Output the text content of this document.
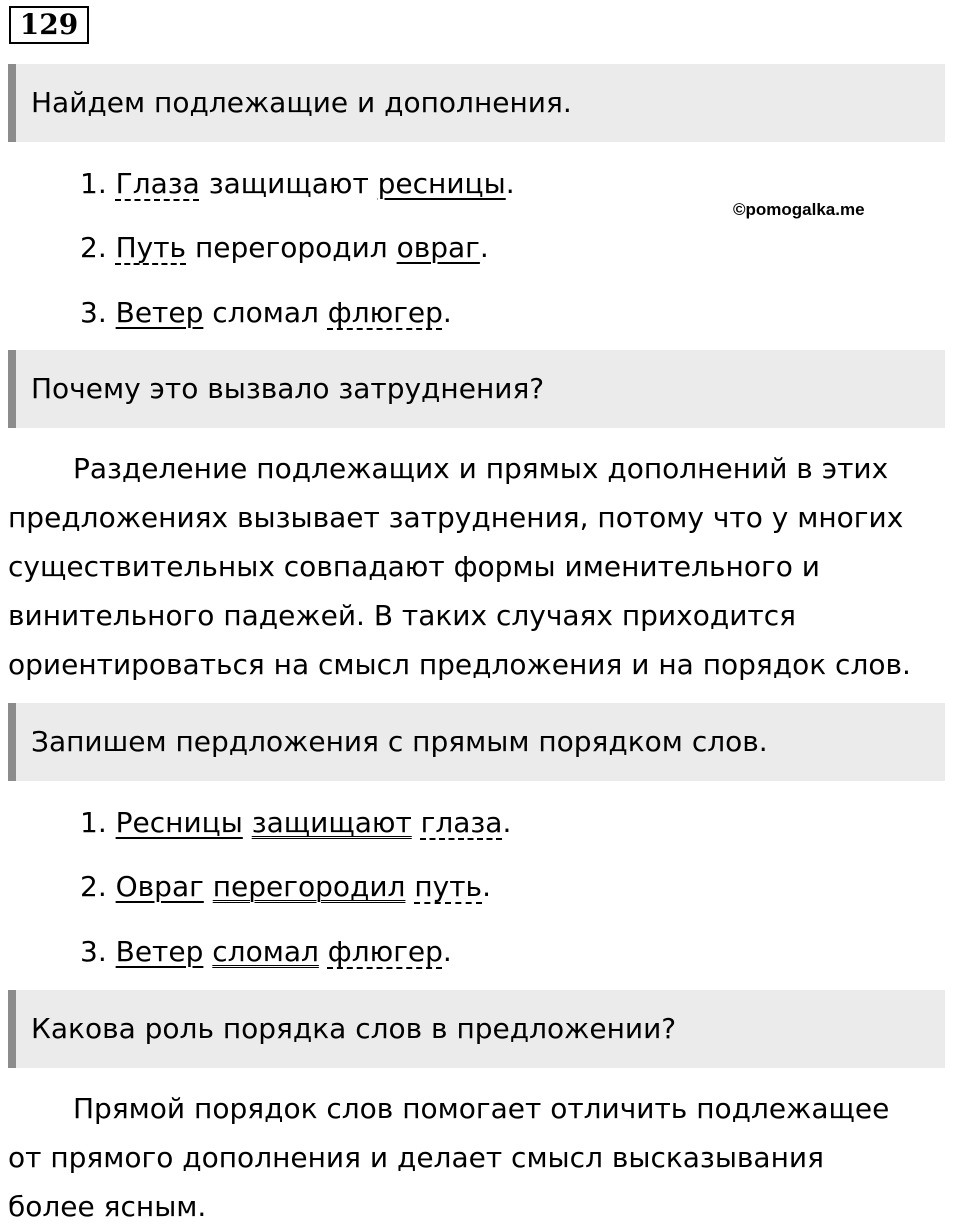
129
©pomogalka.me
Найдем подлежащие и дополнения.
1. Глаза защищают ресницы.
2. Путь перегородил овраг.
3. Ветер сломал флюгер.
Почему это вызвало затруднения?
Разделение подлежащих и прямых дополнений в этих
предложениях вызывает затруднения, потому что у многих
существительных совпадают формы именительного и
винительного падежей. В таких случаях приходится
ориентироваться на смысл предложения и на порядок слов.
Запишем пердложения с прямым порядком слов.
1. Ресницы защищают глаза.
2. Овраг перегородил путь.
3. Ветер сломал флюгер.
Какова роль порядка слов в предложении?
Прямой порядок слов помогает отличить подлежащее
от прямого дополнения и делает смысл высказывания
более ясным.
